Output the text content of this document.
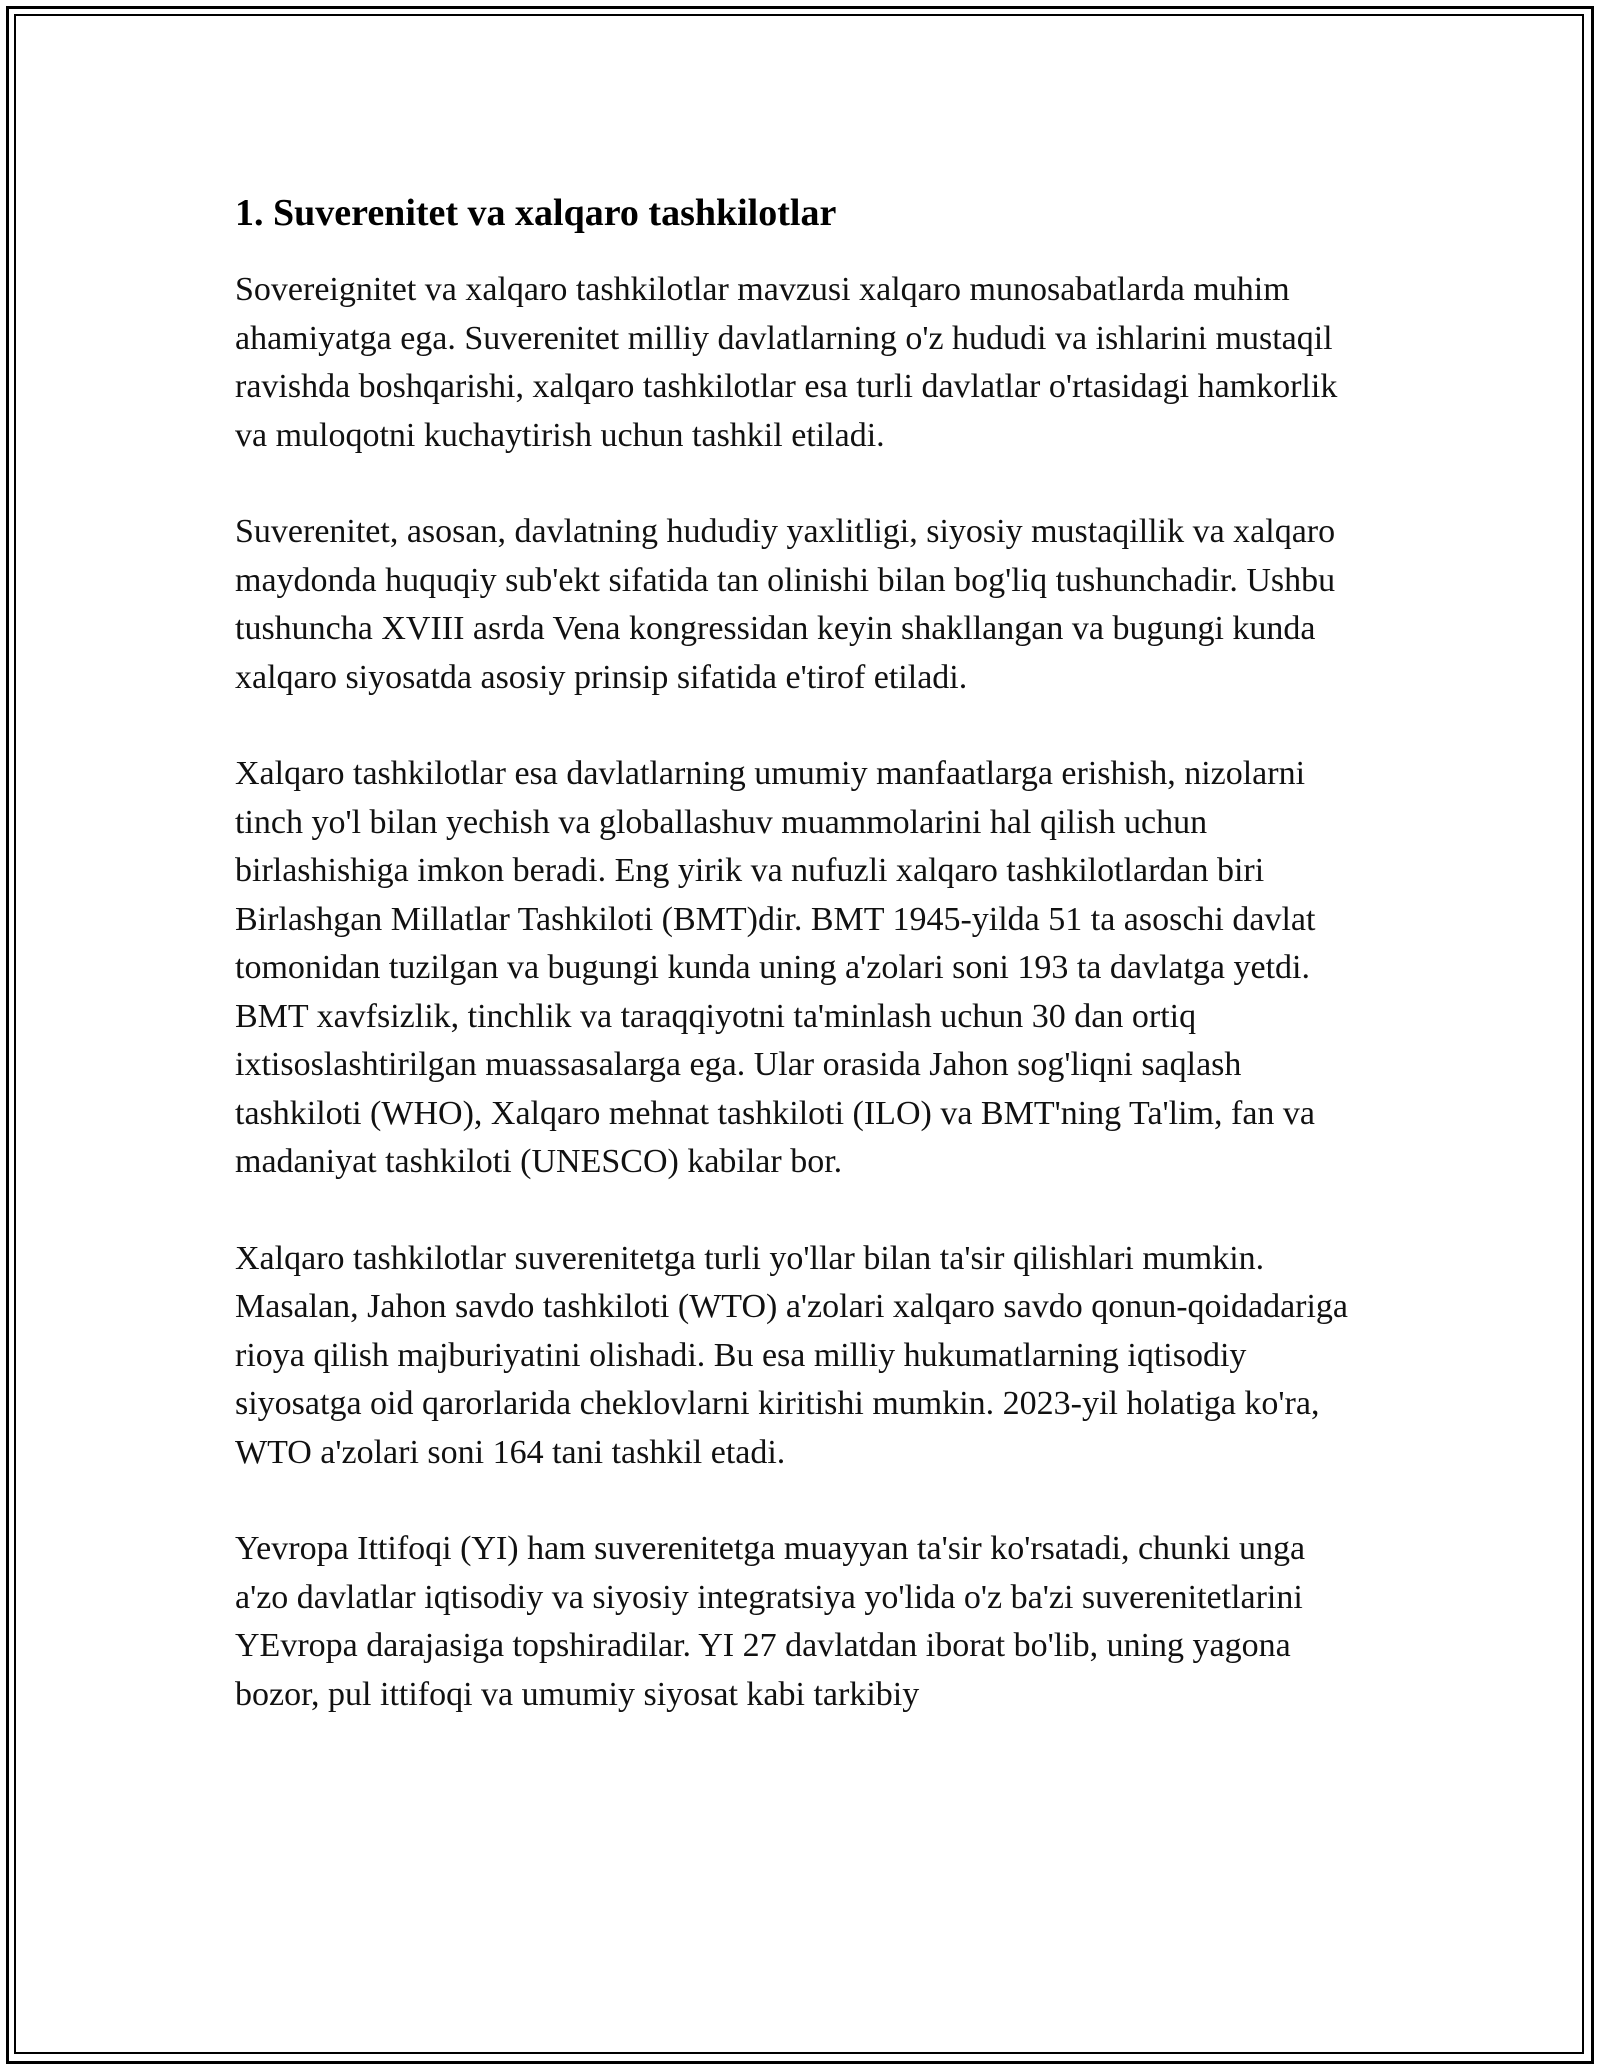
1. Suverenitet va xalqaro tashkilotlar

Sovereignitet va xalqaro tashkilotlar mavzusi xalqaro munosabatlarda muhim ahamiyatga ega. Suverenitet milliy davlatlarning o'z hududi va ishlarini mustaqil ravishda boshqarishi, xalqaro tashkilotlar esa turli davlatlar o'rtasidagi hamkorlik va muloqotni kuchaytirish uchun tashkil etiladi.

Suverenitet, asosan, davlatning hududiy yaxlitligi, siyosiy mustaqillik va xalqaro maydonda huquqiy sub'ekt sifatida tan olinishi bilan bog'liq tushunchadir. Ushbu tushuncha XVIII asrda Vena kongressidan keyin shakllangan va bugungi kunda xalqaro siyosatda asosiy prinsip sifatida e'tirof etiladi.

Xalqaro tashkilotlar esa davlatlarning umumiy manfaatlarga erishish, nizolarni tinch yo'l bilan yechish va globallashuv muammolarini hal qilish uchun birlashishiga imkon beradi. Eng yirik va nufuzli xalqaro tashkilotlardan biri Birlashgan Millatlar Tashkiloti (BMT)dir. BMT 1945-yilda 51 ta asoschi davlat tomonidan tuzilgan va bugungi kunda uning a'zolari soni 193 ta davlatga yetdi. BMT xavfsizlik, tinchlik va taraqqiyotni ta'minlash uchun 30 dan ortiq ixtisoslashtirilgan muassasalarga ega. Ular orasida Jahon sog'liqni saqlash tashkiloti (WHO), Xalqaro mehnat tashkiloti (ILO) va BMT'ning Ta'lim, fan va madaniyat tashkiloti (UNESCO) kabilar bor.

Xalqaro tashkilotlar suverenitetga turli yo'llar bilan ta'sir qilishlari mumkin. Masalan, Jahon savdo tashkiloti (WTO) a'zolari xalqaro savdo qonun-qoidadariga rioya qilish majburiyatini olishadi. Bu esa milliy hukumatlarning iqtisodiy siyosatga oid qarorlarida cheklovlarni kiritishi mumkin. 2023-yil holatiga ko'ra, WTO a'zolari soni 164 tani tashkil etadi.

Yevropa Ittifoqi (YI) ham suverenitetga muayyan ta'sir ko'rsatadi, chunki unga a'zo davlatlar iqtisodiy va siyosiy integratsiya yo'lida o'z ba'zi suverenitetlarini YEvropa darajasiga topshiradilar. YI 27 davlatdan iborat bo'lib, uning yagona bozor, pul ittifoqi va umumiy siyosat kabi tarkibiy
